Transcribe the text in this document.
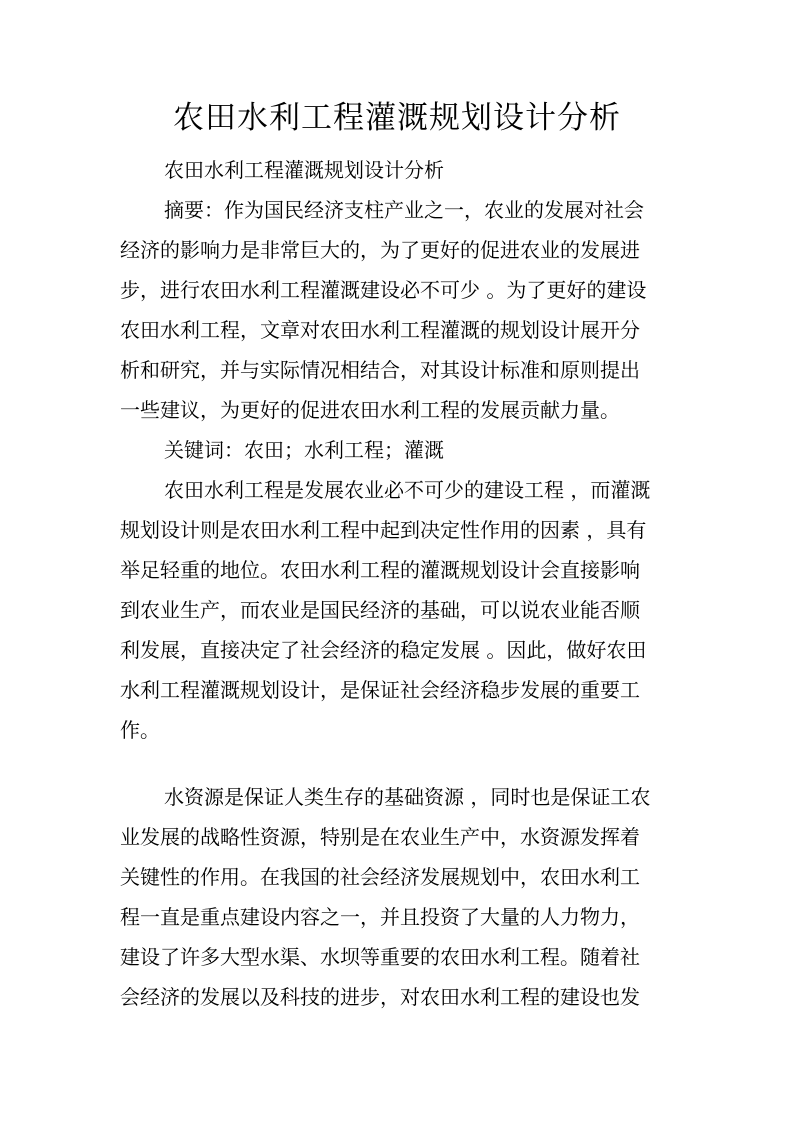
农田水利工程灌溉规划设计分析
农田水利工程灌溉规划设计分析
摘要：作为国民经济支柱产业之一，农业的发展对社会
经济的影响力是非常巨大的，为了更好的促进农业的发展进
步，进行农田水利工程灌溉建设必不可少 。为了更好的建设
农田水利工程，文章对农田水利工程灌溉的规划设计展开分
析和研究，并与实际情况相结合，对其设计标准和原则提出
一些建议，为更好的促进农田水利工程的发展贡献力量。
关键词：农田；水利工程；灌溉
农田水利工程是发展农业必不可少的建设工程 ，而灌溉
规划设计则是农田水利工程中起到决定性作用的因素 ，具有
举足轻重的地位。农田水利工程的灌溉规划设计会直接影响
到农业生产，而农业是国民经济的基础，可以说农业能否顺
利发展，直接决定了社会经济的稳定发展 。因此，做好农田
水利工程灌溉规划设计，是保证社会经济稳步发展的重要工
作。
水资源是保证人类生存的基础资源 ，同时也是保证工农
业发展的战略性资源，特别是在农业生产中，水资源发挥着
关键性的作用。在我国的社会经济发展规划中，农田水利工
程一直是重点建设内容之一，并且投资了大量的人力物力，
建设了许多大型水渠、水坝等重要的农田水利工程。随着社
会经济的发展以及科技的进步，对农田水利工程的建设也发
